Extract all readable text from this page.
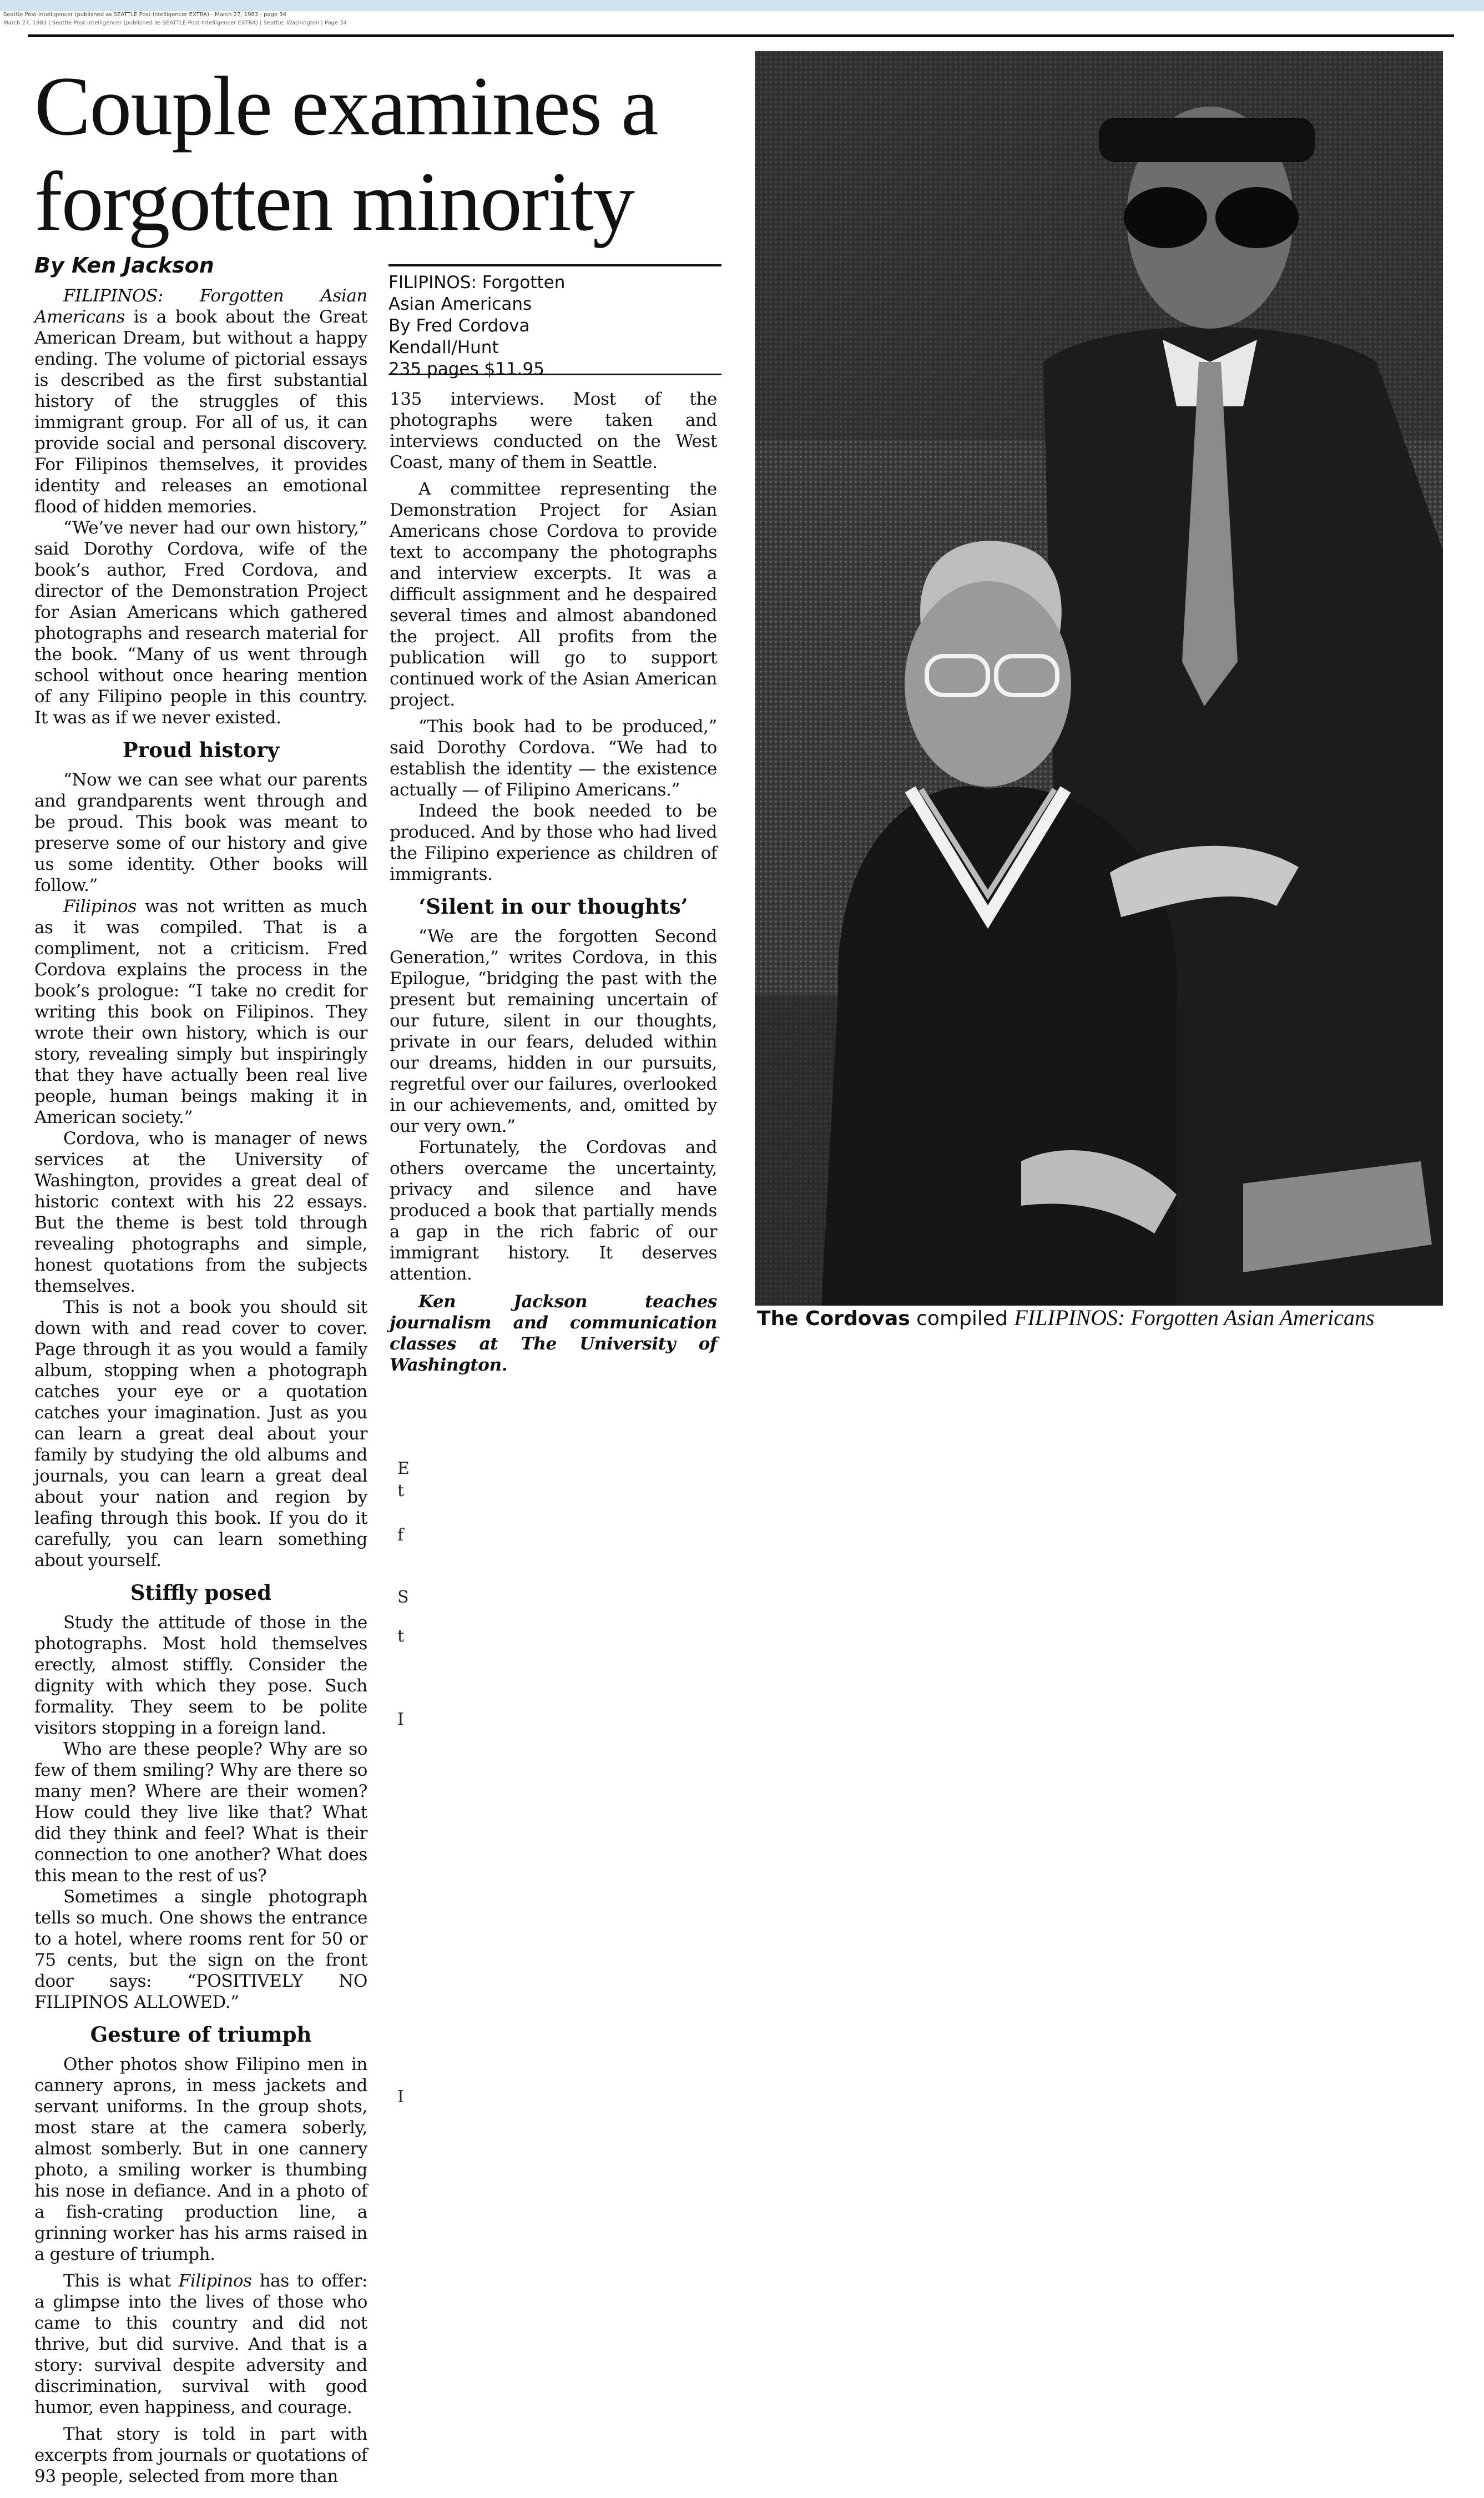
Seattle Post-Intelligencer (published as SEATTLE Post-Intelligencer EXTRA) - March 27, 1983 - page 34
March 27, 1983 | Seattle Post-Intelligencer (published as SEATTLE Post-Intelligencer EXTRA) | Seattle, Washington | Page 34
Couple examines a forgotten minority
By Ken Jackson

FILIPINOS: Forgotten Asian Americans is a book about the Great American Dream, but without a happy ending. The volume of pictorial essays is described as the first substantial history of the struggles of this immigrant group. For all of us, it can provide social and personal discovery. For Filipinos themselves, it provides identity and releases an emotional flood of hidden memories.

“We’ve never had our own history,” said Dorothy Cordova, wife of the book’s author, Fred Cordova, and director of the Demonstration Project for Asian Americans which gathered photographs and research material for the book. “Many of us went through school without once hearing mention of any Filipino people in this country. It was as if we never existed.

Proud history

“Now we can see what our parents and grandparents went through and be proud. This book was meant to preserve some of our history and give us some identity. Other books will follow.”

Filipinos was not written as much as it was compiled. That is a compliment, not a criticism. Fred Cordova explains the process in the book’s prologue: “I take no credit for writing this book on Filipinos. They wrote their own history, which is our story, revealing simply but inspiringly that they have actually been real live people, human beings making it in American society.”

Cordova, who is manager of news services at the University of Washington, provides a great deal of historic context with his 22 essays. But the theme is best told through revealing photographs and simple, honest quotations from the subjects themselves.

This is not a book you should sit down with and read cover to cover. Page through it as you would a family album, stopping when a photograph catches your eye or a quotation catches your imagination. Just as you can learn a great deal about your family by studying the old albums and journals, you can learn a great deal about your nation and region by leafing through this book. If you do it carefully, you can learn something about yourself.

Stiffly posed

Study the attitude of those in the photographs. Most hold themselves erectly, almost stiffly. Consider the dignity with which they pose. Such formality. They seem to be polite visitors stopping in a foreign land.

Who are these people? Why are so few of them smiling? Why are there so many men? Where are their women? How could they live like that? What did they think and feel? What is their connection to one another? What does this mean to the rest of us?

Sometimes a single photograph tells so much. One shows the entrance to a hotel, where rooms rent for 50 or 75 cents, but the sign on the front door says: “POSITIVELY NO FILIPINOS ALLOWED.”

Gesture of triumph

Other photos show Filipino men in cannery aprons, in mess jackets and servant uniforms. In the group shots, most stare at the camera soberly, almost somberly. But in one cannery photo, a smiling worker is thumbing his nose in defiance. And in a photo of a fish-crating production line, a grinning worker has his arms raised in a gesture of triumph.

This is what Filipinos has to offer: a glimpse into the lives of those who came to this country and did not thrive, but did survive. And that is a story: survival despite adversity and discrimination, survival with good humor, even happiness, and courage.

That story is told in part with excerpts from journals or quotations of 93 people, selected from more than

FILIPINOS: Forgotten
Asian Americans
By Fred Cordova
Kendall/Hunt
235 pages $11.95

135 interviews. Most of the photographs were taken and interviews conducted on the West Coast, many of them in Seattle.

A committee representing the Demonstration Project for Asian Americans chose Cordova to provide text to accompany the photographs and interview excerpts. It was a difficult assignment and he despaired several times and almost abandoned the project. All profits from the publication will go to support continued work of the Asian American project.

“This book had to be produced,” said Dorothy Cordova. “We had to establish the identity — the existence actually — of Filipino Americans.”

Indeed the book needed to be produced. And by those who had lived the Filipino experience as children of immigrants.

‘Silent in our thoughts’

“We are the forgotten Second Generation,” writes Cordova, in this Epilogue, “bridging the past with the present but remaining uncertain of our future, silent in our thoughts, private in our fears, deluded within our dreams, hidden in our pursuits, regretful over our failures, overlooked in our achievements, and, omitted by our very own.”

Fortunately, the Cordovas and others overcame the uncertainty, privacy and silence and have produced a book that partially mends a gap in the rich fabric of our immigrant history. It deserves attention.

Ken Jackson teaches journalism and communication classes at The University of Washington.

The Cordovas compiled FILIPINOS: Forgotten Asian Americans

E
t
f
S
t
I
I
